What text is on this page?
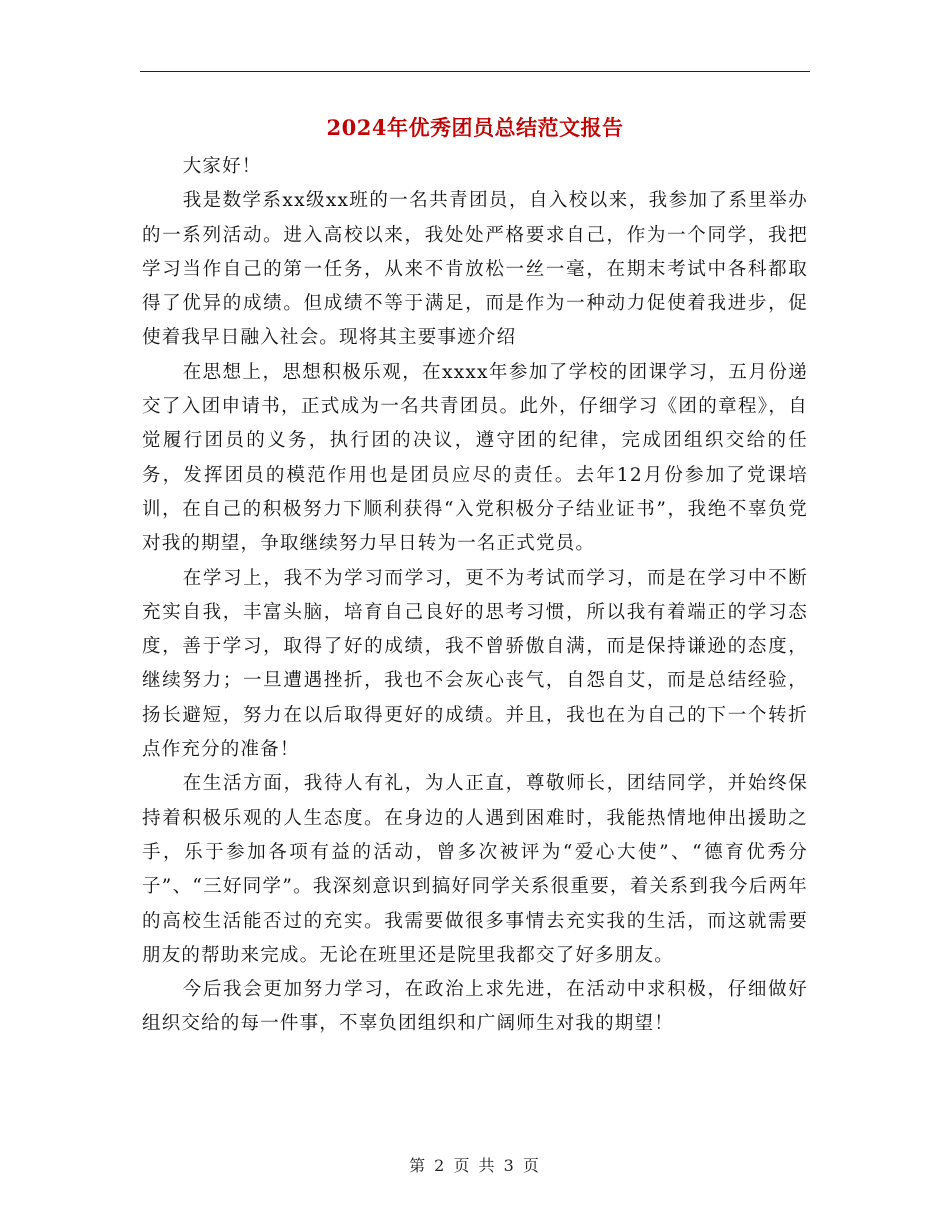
2024年优秀团员总结范文报告

大家好！

我是数学系xx级xx班的一名共青团员，自入校以来，我参加了系里举办的一系列活动。进入高校以来，我处处严格要求自己，作为一个同学，我把学习当作自己的第一任务，从来不肯放松一丝一毫，在期末考试中各科都取得了优异的成绩。但成绩不等于满足，而是作为一种动力促使着我进步，促使着我早日融入社会。现将其主要事迹介绍

在思想上，思想积极乐观，在xxxx年参加了学校的团课学习，五月份递交了入团申请书，正式成为一名共青团员。此外，仔细学习《团的章程》，自觉履行团员的义务，执行团的决议，遵守团的纪律，完成团组织交给的任务，发挥团员的模范作用也是团员应尽的责任。去年12月份参加了党课培训，在自己的积极努力下顺利获得“入党积极分子结业证书”，我绝不辜负党对我的期望，争取继续努力早日转为一名正式党员。

在学习上，我不为学习而学习，更不为考试而学习，而是在学习中不断充实自我，丰富头脑，培育自己良好的思考习惯，所以我有着端正的学习态度，善于学习，取得了好的成绩，我不曾骄傲自满，而是保持谦逊的态度，继续努力；一旦遭遇挫折，我也不会灰心丧气，自怨自艾，而是总结经验，扬长避短，努力在以后取得更好的成绩。并且，我也在为自己的下一个转折点作充分的准备！

在生活方面，我待人有礼，为人正直，尊敬师长，团结同学，并始终保持着积极乐观的人生态度。在身边的人遇到困难时，我能热情地伸出援助之手，乐于参加各项有益的活动，曾多次被评为“爱心大使”、“德育优秀分子”、“三好同学”。我深刻意识到搞好同学关系很重要，着关系到我今后两年的高校生活能否过的充实。我需要做很多事情去充实我的生活，而这就需要朋友的帮助来完成。无论在班里还是院里我都交了好多朋友。

今后我会更加努力学习，在政治上求先进，在活动中求积极，仔细做好组织交给的每一件事，不辜负团组织和广阔师生对我的期望！

第 2 页 共 3 页
